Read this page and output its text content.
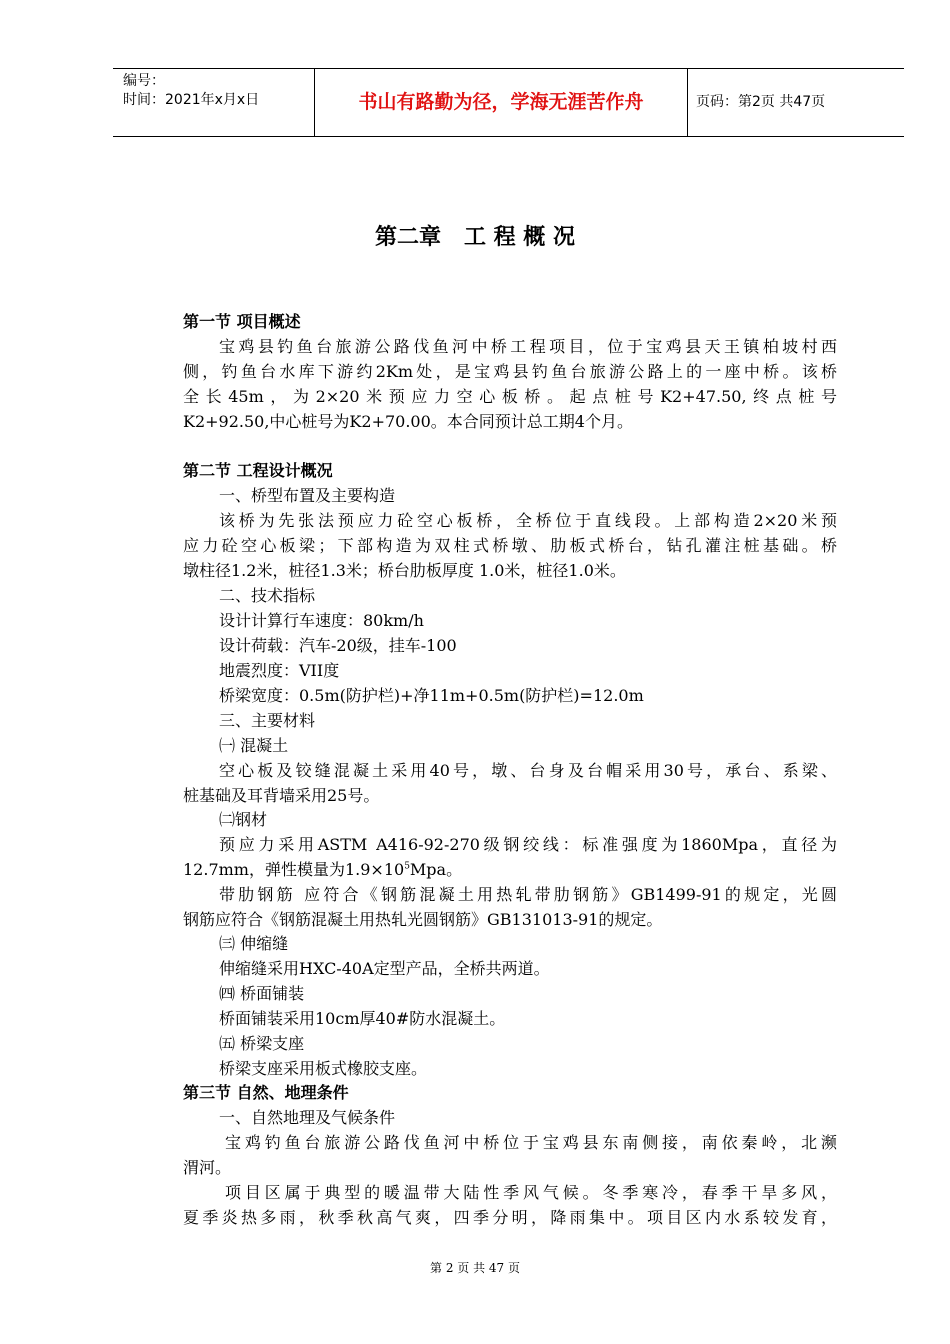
编号：
时间：2021年x月x日	书山有路勤为径，学海无涯苦作舟	页码：第2页 共47页
第二章   工 程 概 况
第一节 项目概述
宝鸡县钓鱼台旅游公路伐鱼河中桥工程项目，位于宝鸡县天王镇柏坡村西
侧，钓鱼台水库下游约2Km处，是宝鸡县钓鱼台旅游公路上的一座中桥。该桥
全长45m，为2×20米预应力空心板桥。起点桩号K2+47.50,终点桩号
K2+92.50,中心桩号为K2+70.00。本合同预计总工期4个月。
第二节 工程设计概况
一、桥型布置及主要构造
该桥为先张法预应力砼空心板桥，全桥位于直线段。上部构造2×20米预
应力砼空心板梁；下部构造为双柱式桥墩、肋板式桥台，钻孔灌注桩基础。桥
墩柱径1.2米，桩径1.3米；桥台肋板厚度 1.0米，桩径1.0米。
二、技术指标
设计计算行车速度：80km/h
设计荷载：汽车-20级，挂车-100
地震烈度：VII度
桥梁宽度：0.5m(防护栏)+净11m+0.5m(防护栏)=12.0m
三、主要材料
㈠ 混凝土
空心板及铰缝混凝土采用40号，墩、台身及台帽采用30号，承台、系梁、
桩基础及耳背墙采用25号。
㈡钢材
预应力采用ASTM A416-92-270级钢绞线：标准强度为1860Mpa，直径为
12.7mm，弹性模量为$1.9\times 10^5Mpa$。
带肋钢筋 应符合《钢筋混凝土用热轧带肋钢筋》GB1499-91的规定，光圆
钢筋应符合《钢筋混凝土用热轧光圆钢筋》GB131013-91的规定。
㈢ 伸缩缝
伸缩缝采用HXC-40A定型产品，全桥共两道。
㈣ 桥面铺装
桥面铺装采用10cm厚40#防水混凝土。
㈤ 桥梁支座
桥梁支座采用板式橡胶支座。
第三节 自然、地理条件
一、自然地理及气候条件
宝鸡钓鱼台旅游公路伐鱼河中桥位于宝鸡县东南侧接，南依秦岭，北濒
渭河。
项目区属于典型的暖温带大陆性季风气候。冬季寒冷，春季干旱多风，
夏季炎热多雨，秋季秋高气爽，四季分明，降雨集中。项目区内水系较发育，
第 2 页 共 47 页
